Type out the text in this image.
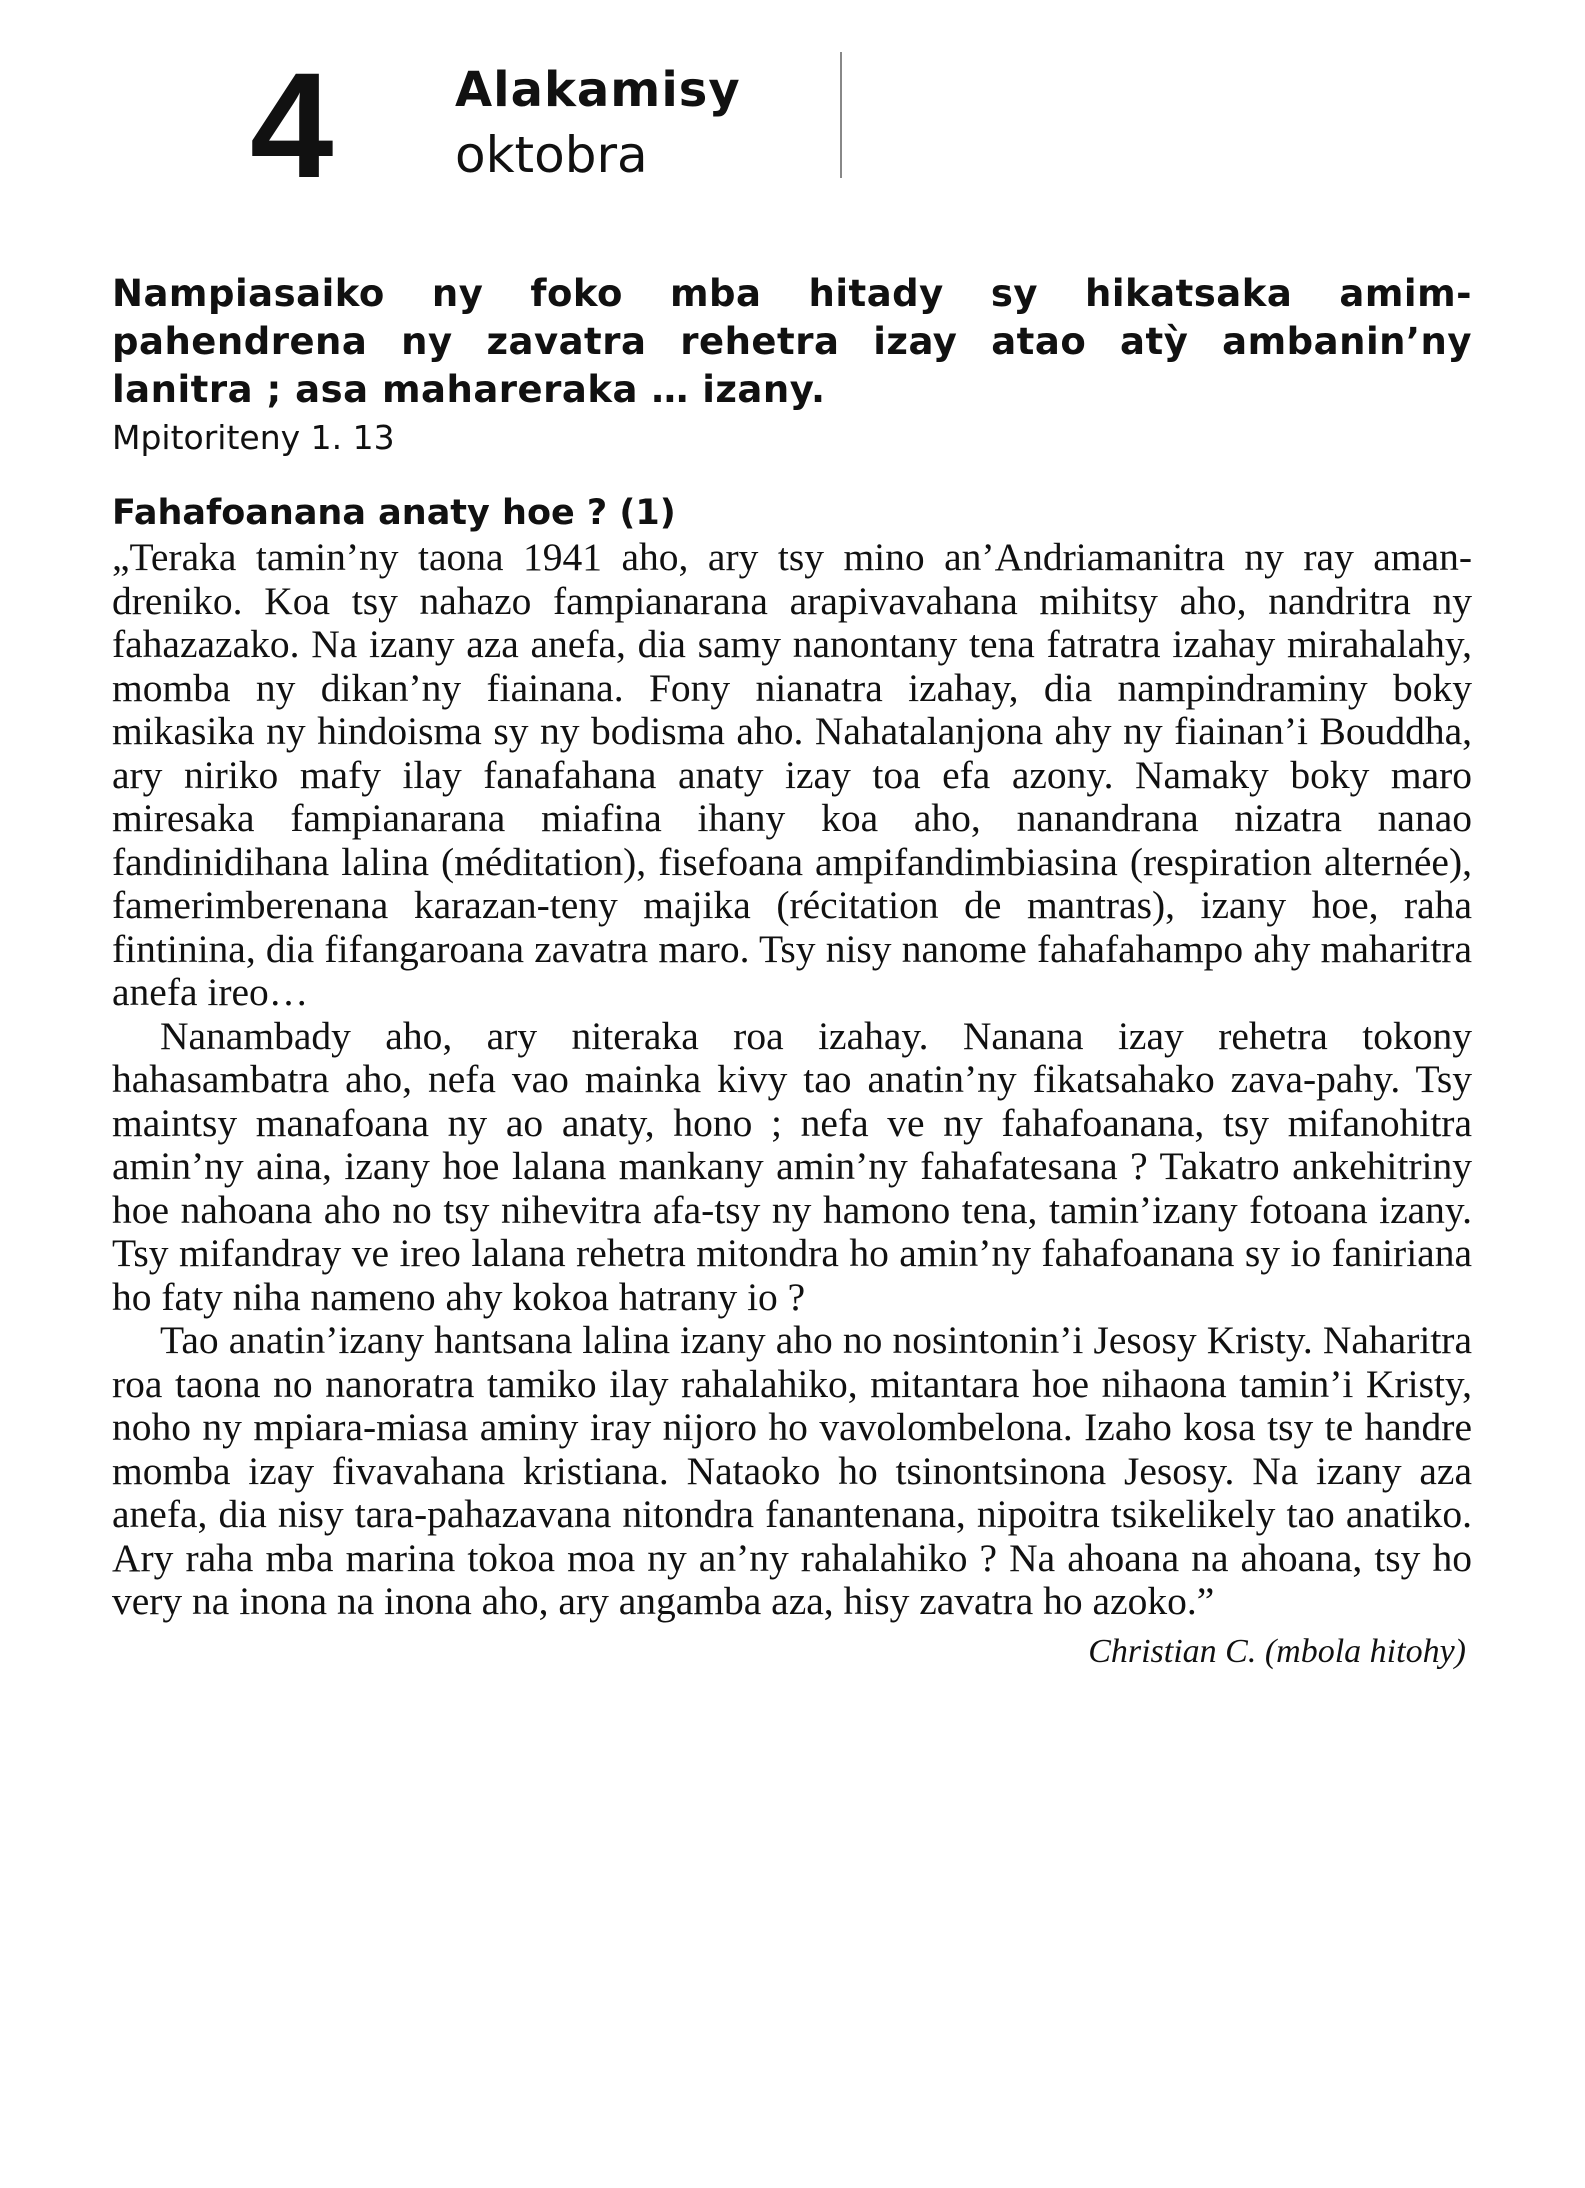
4	Alakamisy
oktobra
Nampiasaiko ny foko mba hitady sy hikatsaka amim-pahendrena ny zavatra rehetra izay atao atỳ ambanin’ny lanitra ; asa mahareraka … izany.
Mpitoriteny 1. 13
Fahafoanana anaty hoe ? (1)

„Teraka tamin’ny taona 1941 aho, ary tsy mino an’Andriamanitra ny ray aman-dreniko. Koa tsy nahazo fampianarana arapivavahana mihitsy aho, nandritra ny fahazazako. Na izany aza anefa, dia samy nanontany tena fatratra izahay mirahalahy, momba ny dikan’ny fiainana. Fony nianatra izahay, dia nampindraminy boky mikasika ny hindoisma sy ny bodisma aho. Nahatalanjona ahy ny fiainan’i Bouddha, ary niriko mafy ilay fanafahana anaty izay toa efa azony. Namaky boky maro miresaka fampianarana miafina ihany koa aho, nanandrana nizatra nanao fandinidihana lalina (méditation), fisefoana ampifandimbiasina (respiration alternée), famerimberenana karazan-teny majika (récitation de mantras), izany hoe, raha fintinina, dia fifangaroana zavatra maro. Tsy nisy nanome fahafahampo ahy maharitra anefa ireo…

Nanambady aho, ary niteraka roa izahay. Nanana izay rehetra tokony hahasambatra aho, nefa vao mainka kivy tao anatin’ny fikatsahako zava-pahy. Tsy maintsy manafoana ny ao anaty, hono ; nefa ve ny fahafoanana, tsy mifanohitra amin’ny aina, izany hoe lalana mankany amin’ny fahafatesana ? Takatro ankehitriny hoe nahoana aho no tsy nihevitra afa-tsy ny hamono tena, tamin’izany fotoana izany. Tsy mifandray ve ireo lalana rehetra mitondra ho amin’ny fahafoanana sy io faniriana ho faty niha nameno ahy kokoa hatrany io ?

Tao anatin’izany hantsana lalina izany aho no nosintonin’i Jesosy Kristy. Naharitra roa taona no nanoratra tamiko ilay rahalahiko, mitantara hoe nihaona tamin’i Kristy, noho ny mpiara-miasa aminy iray nijoro ho vavolombelona. Izaho kosa tsy te handre momba izay fivavahana kristiana. Nataoko ho tsinontsinona Jesosy. Na izany aza anefa, dia nisy tara-pahazavana nitondra fanantenana, nipoitra tsikelikely tao anatiko. Ary raha mba marina tokoa moa ny an’ny rahalahiko ? Na ahoana na ahoana, tsy ho very na inona na inona aho, ary angamba aza, hisy zavatra ho azoko.”

Christian C. (mbola hitohy)
